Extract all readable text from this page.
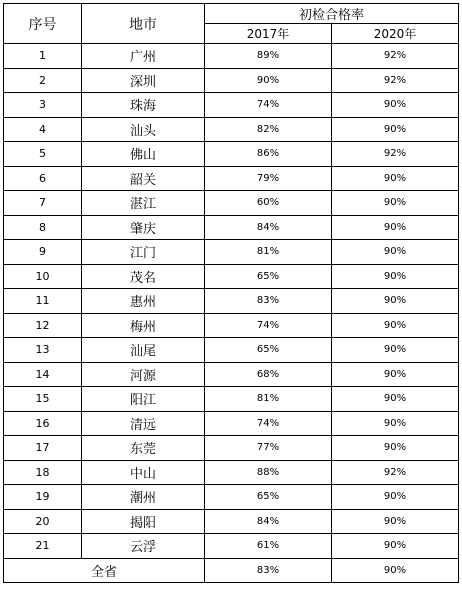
序号	地市	初检合格率	
		2017年	2020年
1	广州	89%	92%
2	深圳	90%	92%
3	珠海	74%	90%
4	汕头	82%	90%
5	佛山	86%	92%
6	韶关	79%	90%
7	湛江	60%	90%
8	肇庆	84%	90%
9	江门	81%	90%
10	茂名	65%	90%
11	惠州	83%	90%
12	梅州	74%	90%
13	汕尾	65%	90%
14	河源	68%	90%
15	阳江	81%	90%
16	清远	74%	90%
17	东莞	77%	90%
18	中山	88%	92%
19	潮州	65%	90%
20	揭阳	84%	90%
21	云浮	61%	90%
全省		83%	90%
